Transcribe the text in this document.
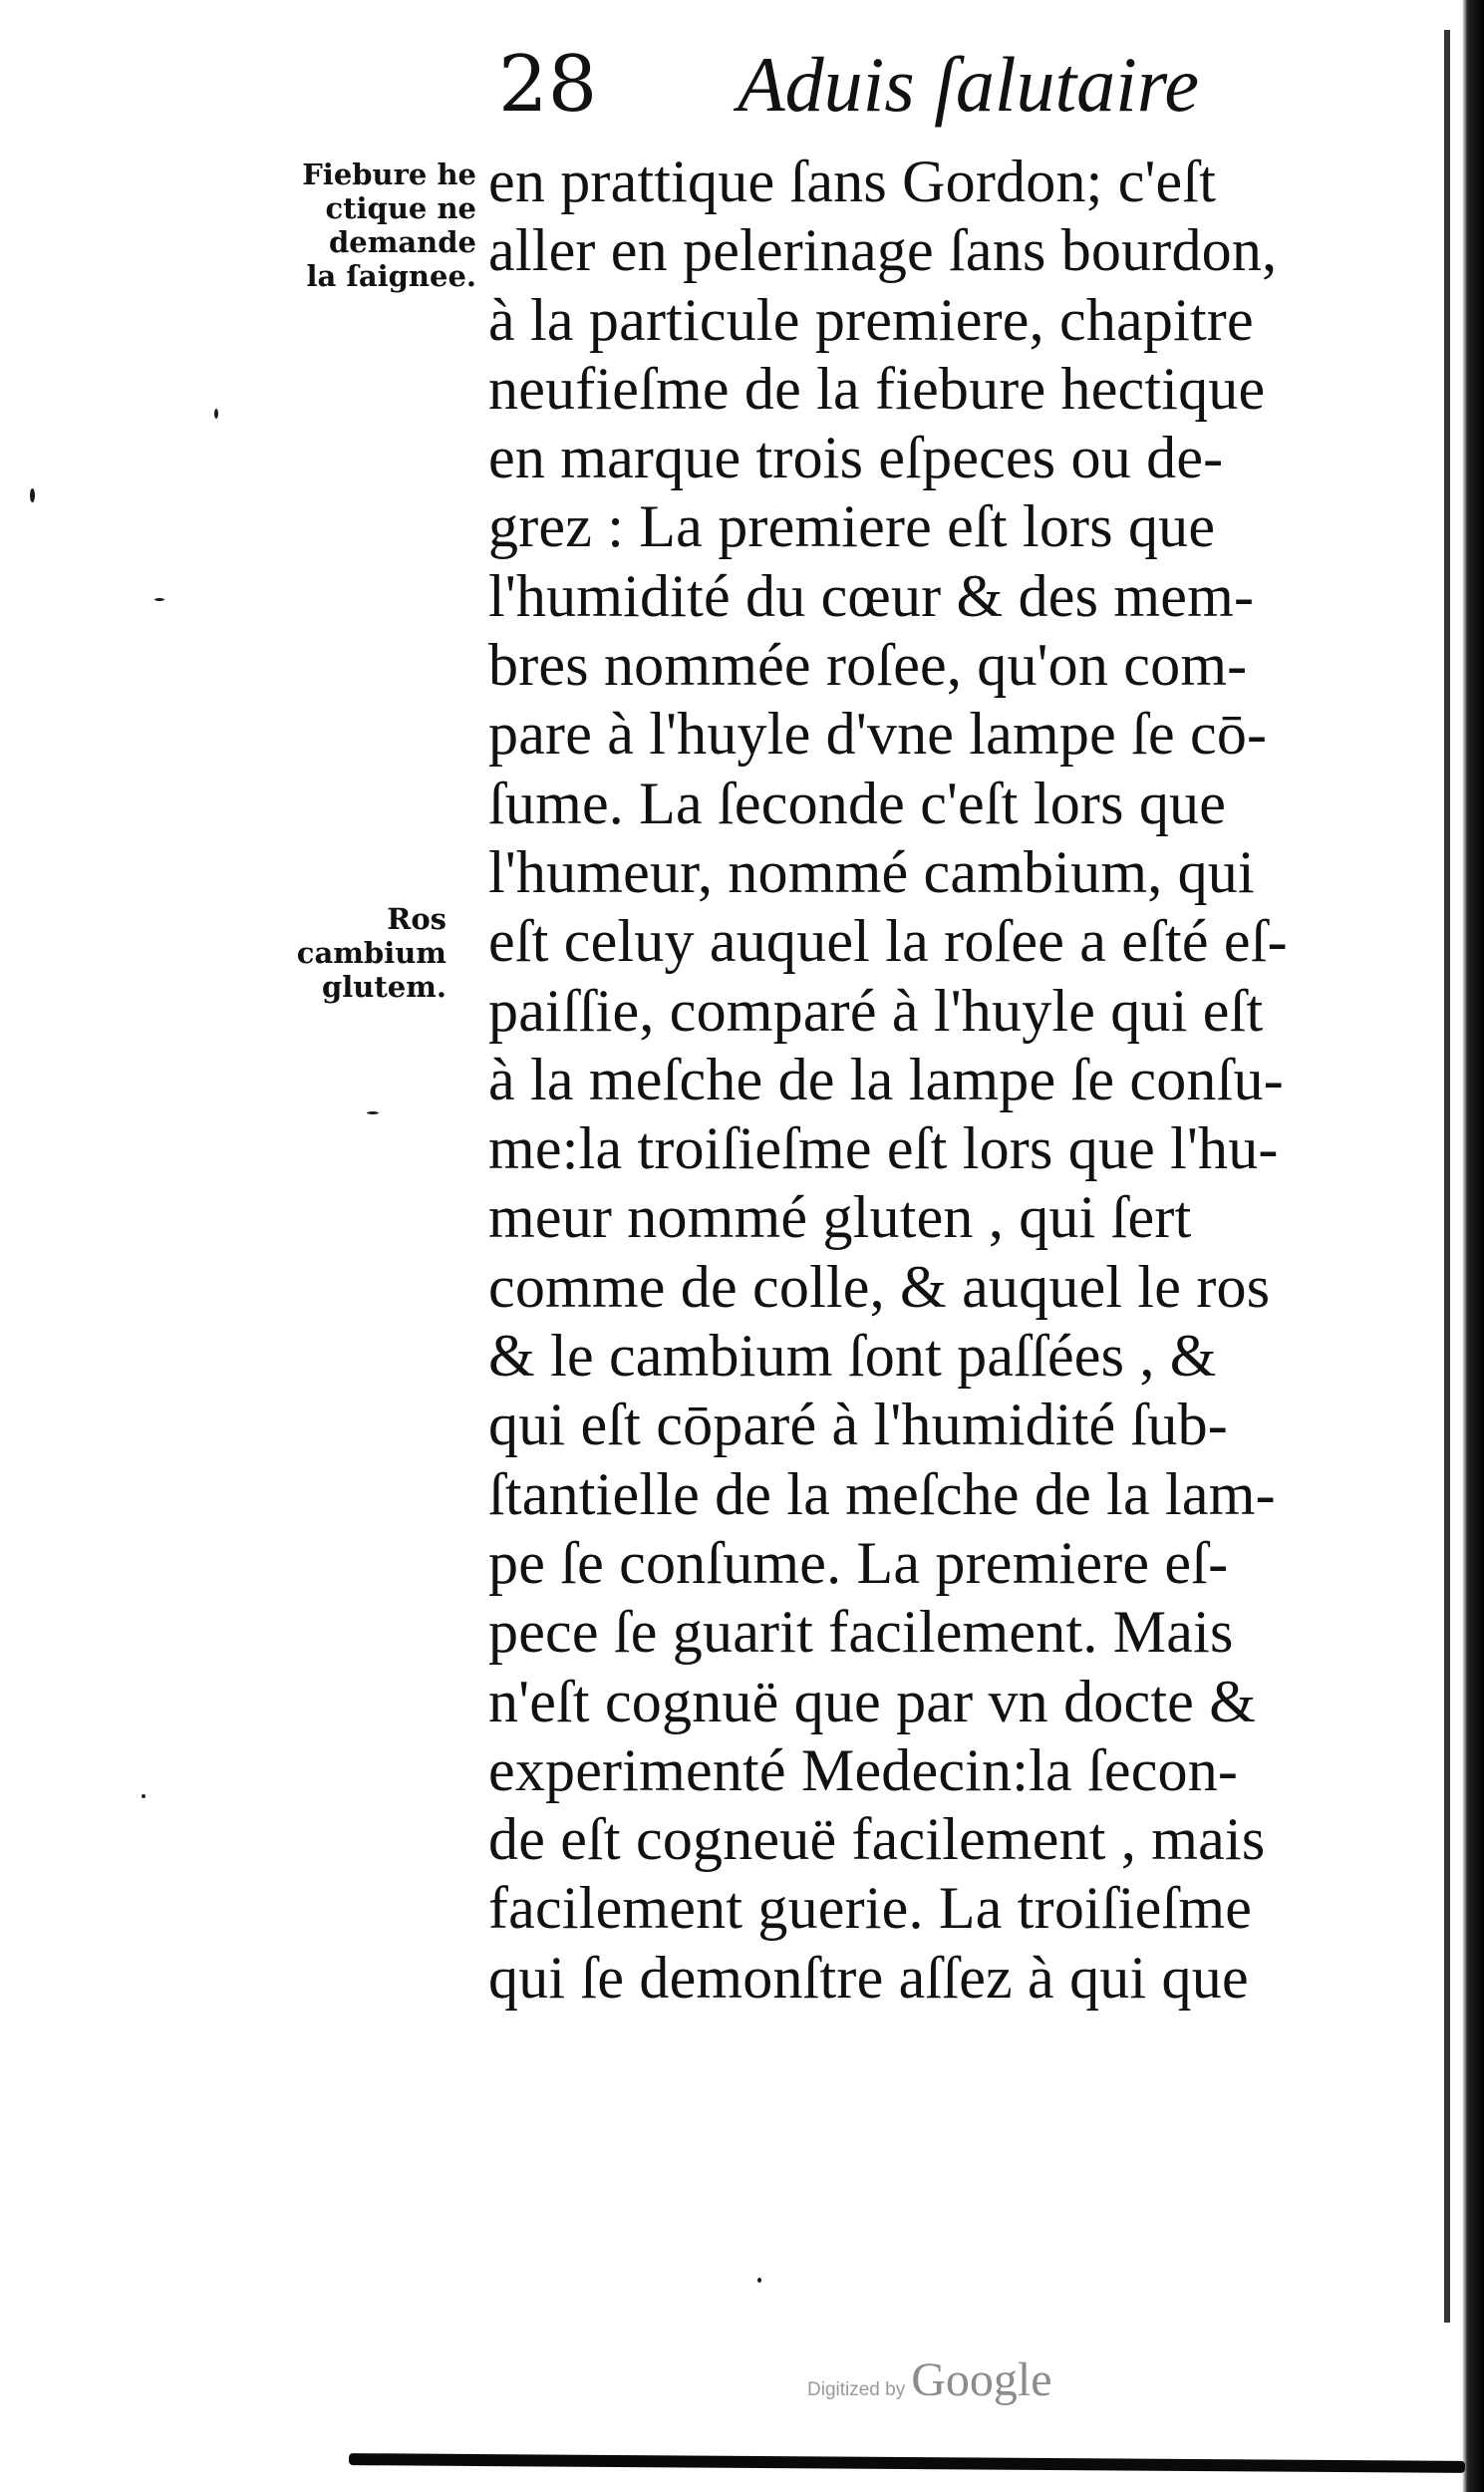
28 Aduis ſalutaire
Fiebure he
ctique ne
demande
la ſaignee.
Ros
cambium
glutem.
en prattique ſans Gordon; c'eſt
aller en pelerinage ſans bourdon,
à la particule premiere, chapitre
neufieſme de la fiebure hectique
en marque trois eſpeces ou de-
grez : La premiere eſt lors que
l'humidité du cœur & des mem-
bres nommée roſee, qu'on com-
pare à l'huyle d'vne lampe ſe cō-
ſume. La ſeconde c'eſt lors que
l'humeur, nommé cambium, qui
eſt celuy auquel la roſee a eſté eſ-
paiſſie, comparé à l'huyle qui eſt
à la meſche de la lampe ſe conſu-
me:la troiſieſme eſt lors que l'hu-
meur nommé gluten , qui ſert
comme de colle, & auquel le ros
& le cambium ſont paſſées , &
qui eſt cōparé à l'humidité ſub-
ſtantielle de la meſche de la lam-
pe ſe conſume. La premiere eſ-
pece ſe guarit facilement. Mais
n'eſt cognuë que par vn docte &
experimenté Medecin:la ſecon-
de eſt cogneuë facilement , mais
facilement guerie. La troiſieſme
qui ſe demonſtre aſſez à qui que
Digitized by Google
